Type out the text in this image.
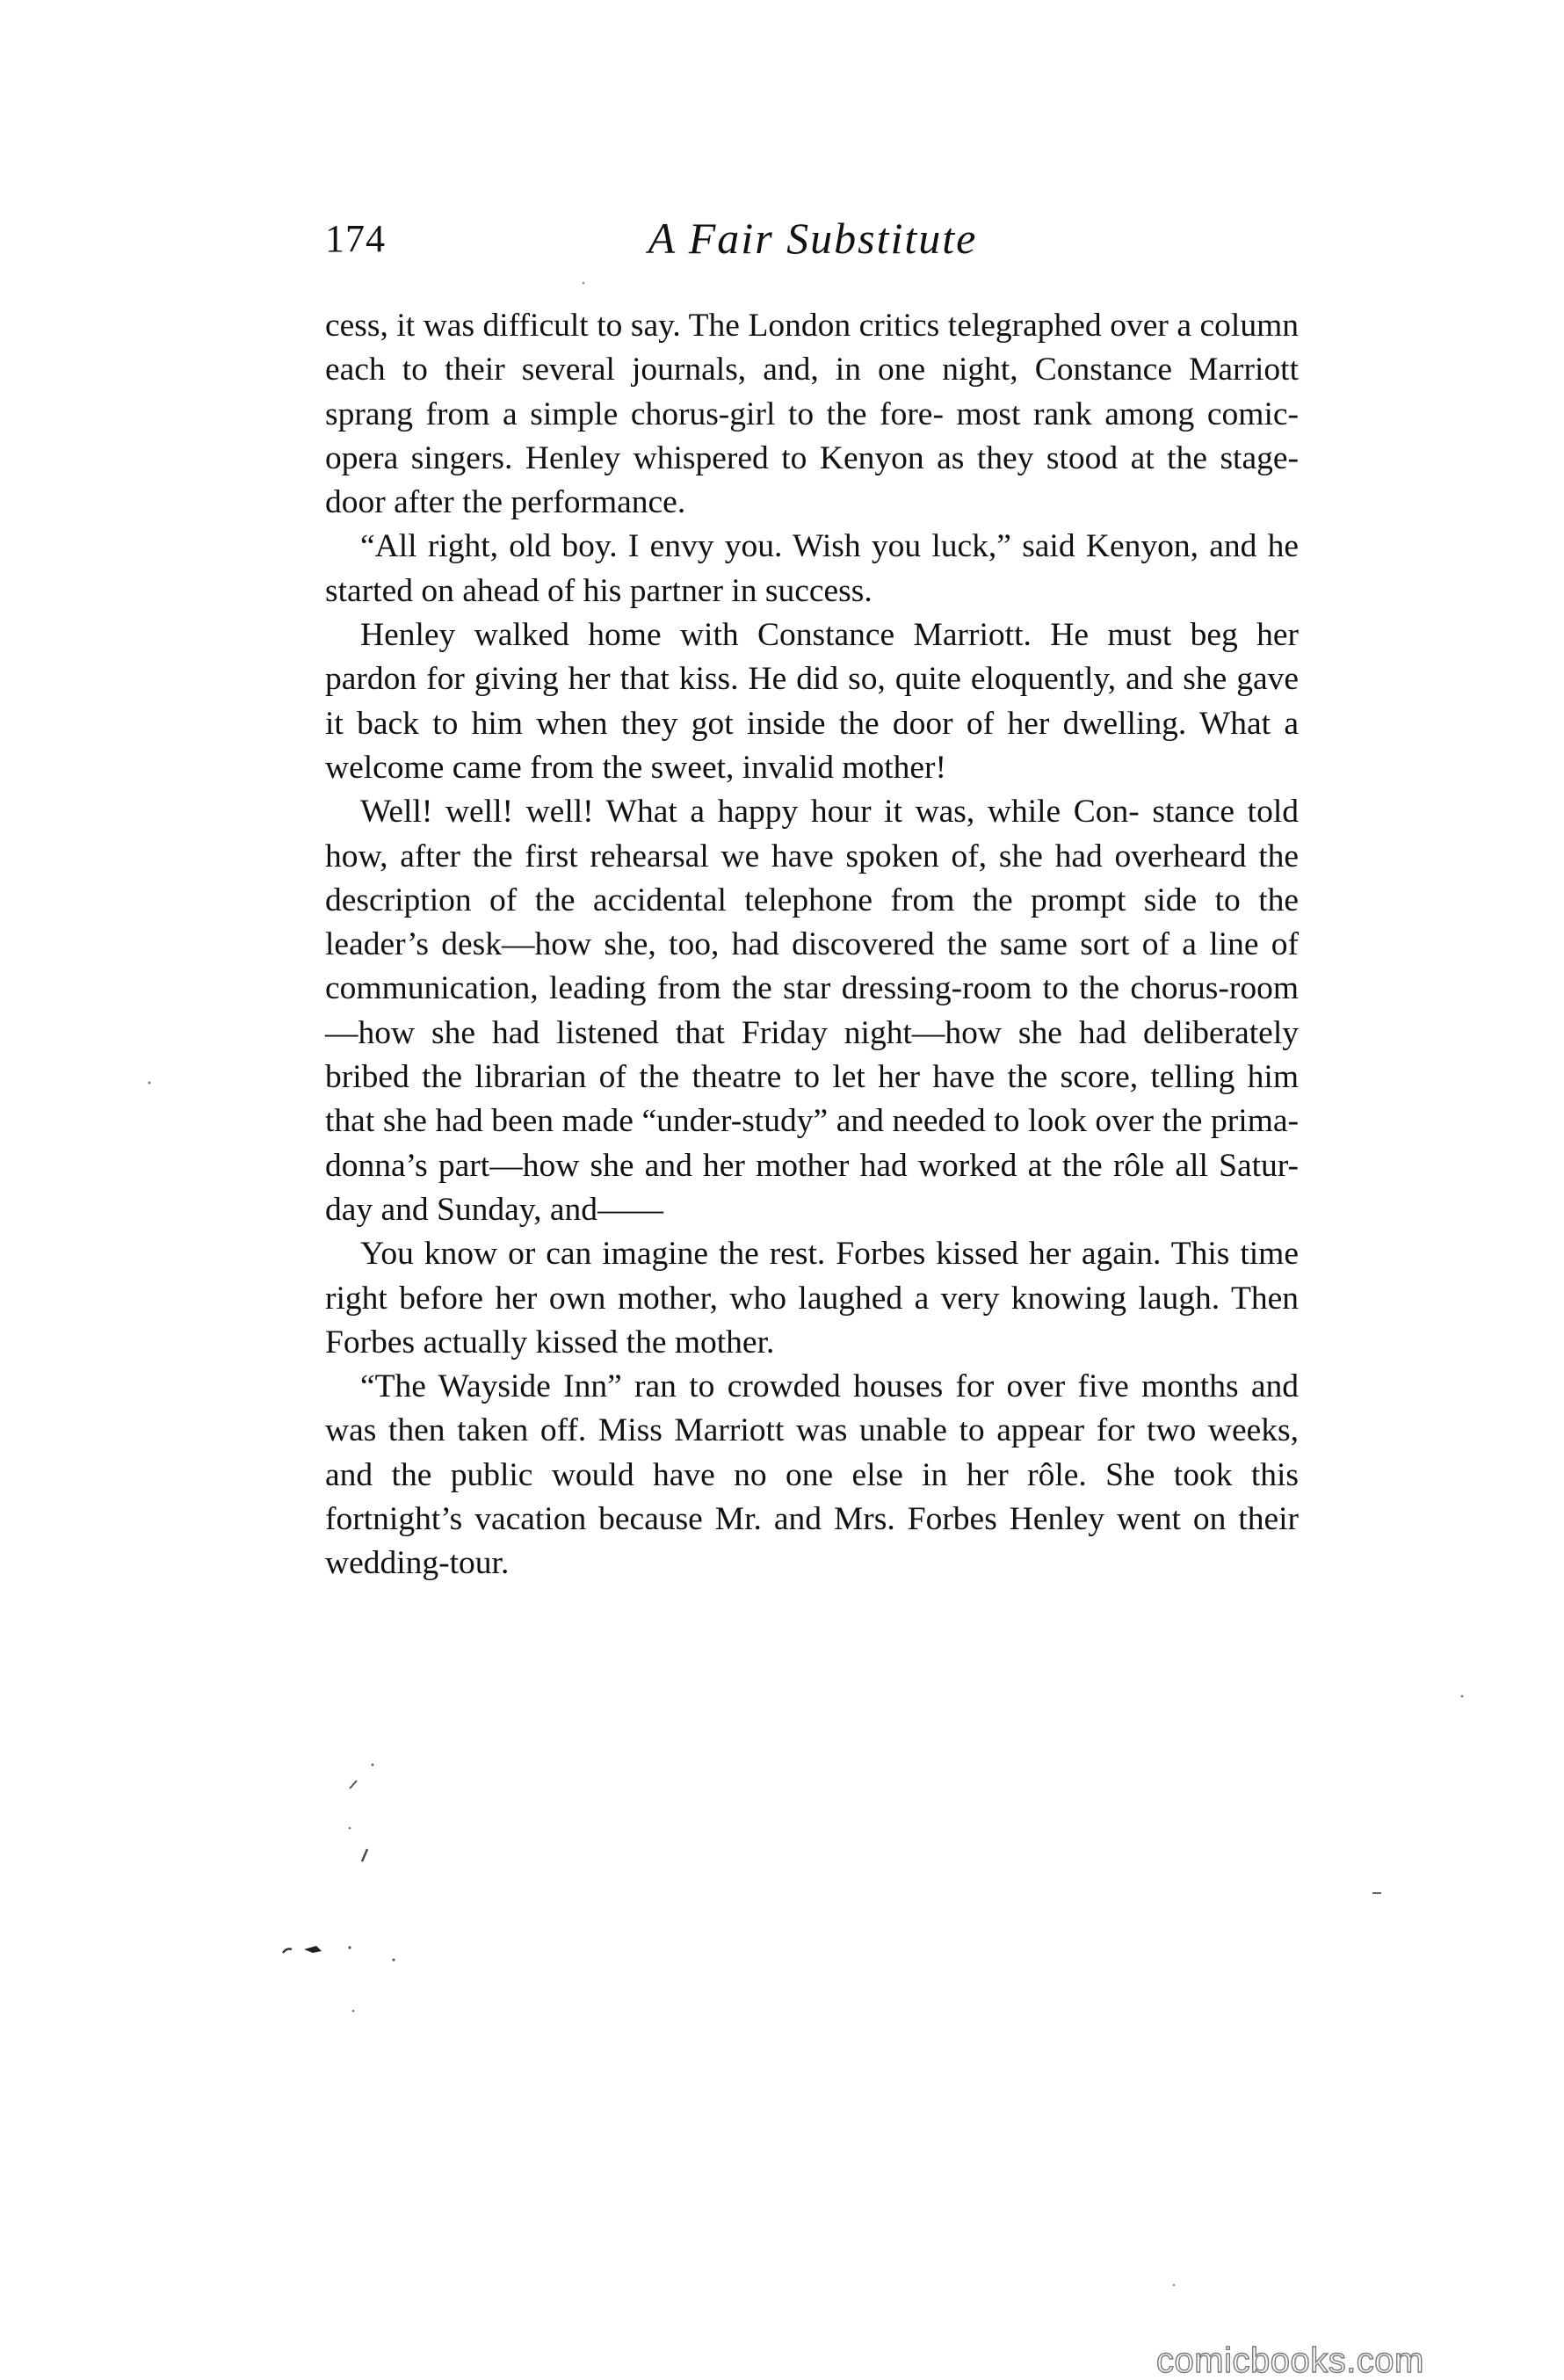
174	A Fair Substitute

cess, it was difficult to say. The London critics telegraphed over a column each to their several journals, and, in one night, Constance Marriott sprang from a simple chorus-girl to the fore- most rank among comic-opera singers. Henley whispered to Kenyon as they stood at the stage-door after the performance.

“All right, old boy. I envy you. Wish you luck,” said Kenyon, and he started on ahead of his partner in success.

Henley walked home with Constance Marriott. He must beg her pardon for giving her that kiss. He did so, quite eloquently, and she gave it back to him when they got inside the door of her dwelling. What a welcome came from the sweet, invalid mother!

Well! well! well! What a happy hour it was, while Con- stance told how, after the first rehearsal we have spoken of, she had overheard the description of the accidental telephone from the prompt side to the leader’s desk—how she, too, had discovered the same sort of a line of communication, leading from the star dressing-room to the chorus-room—how she had listened that Friday night—how she had deliberately bribed the librarian of the theatre to let her have the score, telling him that she had been made “under-study” and needed to look over the prima-donna’s part—how she and her mother had worked at the rôle all Satur- day and Sunday, and——

You know or can imagine the rest. Forbes kissed her again. This time right before her own mother, who laughed a very knowing laugh. Then Forbes actually kissed the mother.

“The Wayside Inn” ran to crowded houses for over five months and was then taken off. Miss Marriott was unable to appear for two weeks, and the public would have no one else in her rôle. She took this fortnight’s vacation because Mr. and Mrs. Forbes Henley went on their wedding-tour.

comicbooks.com
